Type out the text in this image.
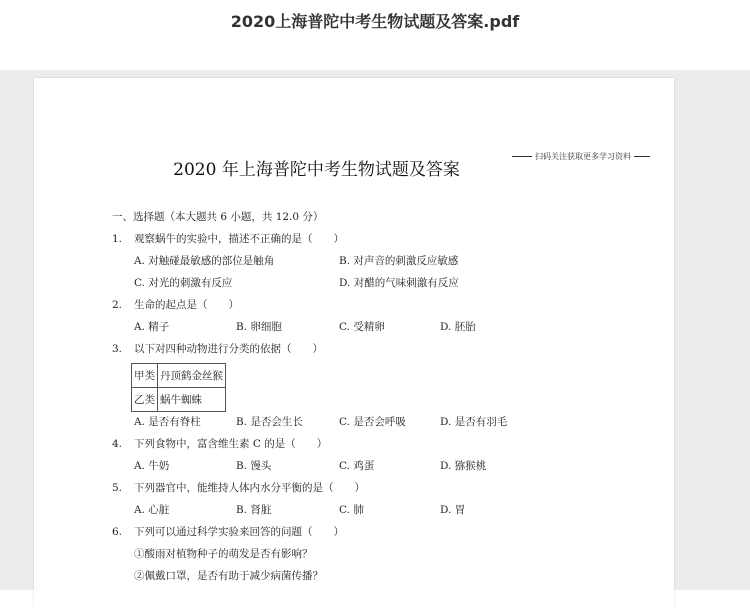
2020上海普陀中考生物试题及答案.pdf
2020 年上海普陀中考生物试题及答案
扫码关注获取更多学习资料
一、选择题（本大题共 6 小题，共 12.0 分）
1. 观察蜗牛的实验中，描述不正确的是（　　）
A. 对触碰最敏感的部位是触角	B. 对声音的刺激反应敏感
C. 对光的刺激有反应	D. 对醋的气味刺激有反应
2. 生命的起点是（　　）
A. 精子	B. 卵细胞	C. 受精卵	D. 胚胎
3. 以下对四种动物进行分类的依据（　　）
甲类	丹顶鹤金丝猴
乙类	蜗牛蜘蛛
A. 是否有脊柱	B. 是否会生长	C. 是否会呼吸	D. 是否有羽毛
4. 下列食物中，富含维生素 C 的是（　　）
A. 牛奶	B. 馒头	C. 鸡蛋	D. 猕猴桃
5. 下列器官中，能维持人体内水分平衡的是（　　）
A. 心脏	B. 肾脏	C. 肺	D. 胃
6. 下列可以通过科学实验来回答的问题（　　）
①酸雨对植物种子的萌发是否有影响？
②佩戴口罩，是否有助于减少病菌传播？
